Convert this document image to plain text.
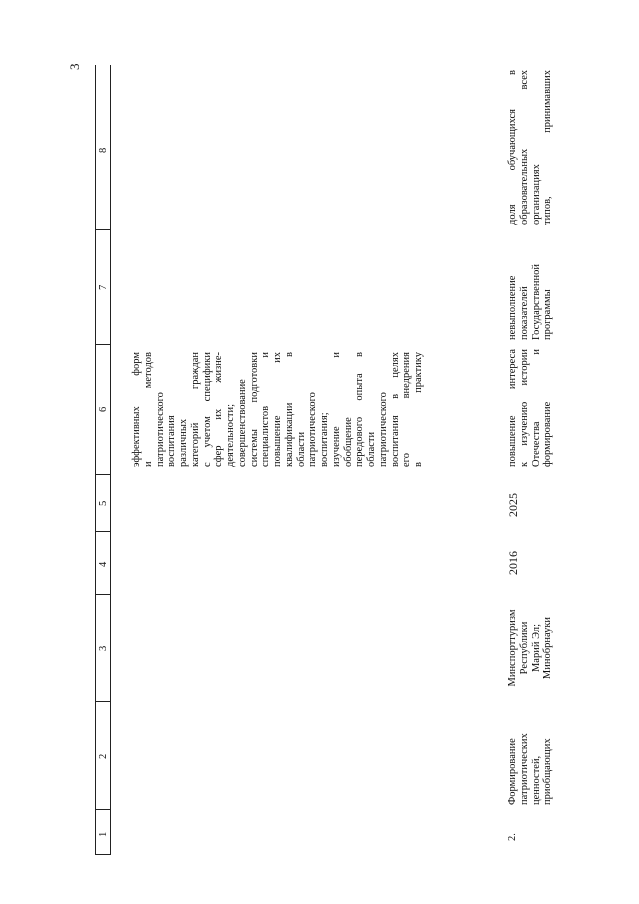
3
1
2
3
4
5
6
7
8
эффективных форм и методов патриотического воспитания различных категорий граждан с учетом специфики сфер их жизне- деятельности; совершенствование системы подготовки специалистов и повышение их квалификации в области патриотического воспитания; изучение и обобщение передового опыта в области патриотического воспитания в целях его внедрения в практику
2.
Формирование патриотических ценностей, приобщающих
Минспорттуризм Республики Марий Эл; Минобрнауки
2016
2025
повышение интереса к изучению истории Отечества и формирование
невыполнение показателей Государственной программы
доля обучающихся в образовательных всех организациях типов, принимавших
